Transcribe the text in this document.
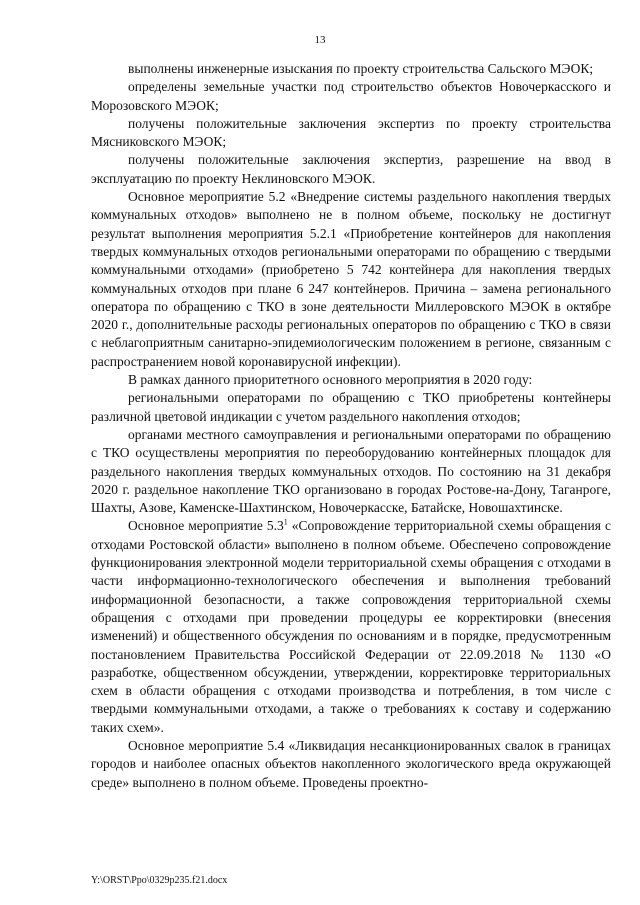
13

выполнены инженерные изыскания по проекту строительства Сальского МЭОК;

определены земельные участки под строительство объектов Новочеркасского и Морозовского МЭОК;

получены положительные заключения экспертиз по проекту строительства Мясниковского МЭОК;

получены положительные заключения экспертиз, разрешение на ввод в эксплуатацию по проекту Неклиновского МЭОК.

Основное мероприятие 5.2 «Внедрение системы раздельного накопления твердых коммунальных отходов» выполнено не в полном объеме, поскольку не достигнут результат выполнения мероприятия 5.2.1 «Приобретение контейнеров для накопления твердых коммунальных отходов региональными операторами по обращению с твердыми коммунальными отходами» (приобретено 5 742 контейнера для накопления твердых коммунальных отходов при плане 6 247 контейнеров. Причина – замена регионального оператора по обращению с ТКО в зоне деятельности Миллеровского МЭОК в октябре 2020 г., дополнительные расходы региональных операторов по обращению с ТКО в связи с неблагоприятным санитарно-эпидемиологическим положением в регионе, связанным с распространением новой коронавирусной инфекции).

В рамках данного приоритетного основного мероприятия в 2020 году:

региональными операторами по обращению с ТКО приобретены контейнеры различной цветовой индикации с учетом раздельного накопления отходов;

органами местного самоуправления и региональными операторами по обращению с ТКО осуществлены мероприятия по переоборудованию контейнерных площадок для раздельного накопления твердых коммунальных отходов. По состоянию на 31 декабря 2020 г. раздельное накопление ТКО организовано в городах Ростове-на-Дону, Таганроге, Шахты, Азове, Каменске-Шахтинском, Новочеркасске, Батайске, Новошахтинске.

Основное мероприятие $5.3^1$ «Сопровождение территориальной схемы обращения с отходами Ростовской области» выполнено в полном объеме. Обеспечено сопровождение функционирования электронной модели территориальной схемы обращения с отходами в части информационно-технологического обеспечения и выполнения требований информационной безопасности, а также сопровождения территориальной схемы обращения с отходами при проведении процедуры ее корректировки (внесения изменений) и общественного обсуждения по основаниям и в порядке, предусмотренным постановлением Правительства Российской Федерации от 22.09.2018 № 1130 «О разработке, общественном обсуждении, утверждении, корректировке территориальных схем в области обращения с отходами производства и потребления, в том числе с твердыми коммунальными отходами, а также о требованиях к составу и содержанию таких схем».

Основное мероприятие 5.4 «Ликвидация несанкционированных свалок в границах городов и наиболее опасных объектов накопленного экологического вреда окружающей среде» выполнено в полном объеме. Проведены проектно-

Y:\ORST\Ppo\0329p235.f21.docx
